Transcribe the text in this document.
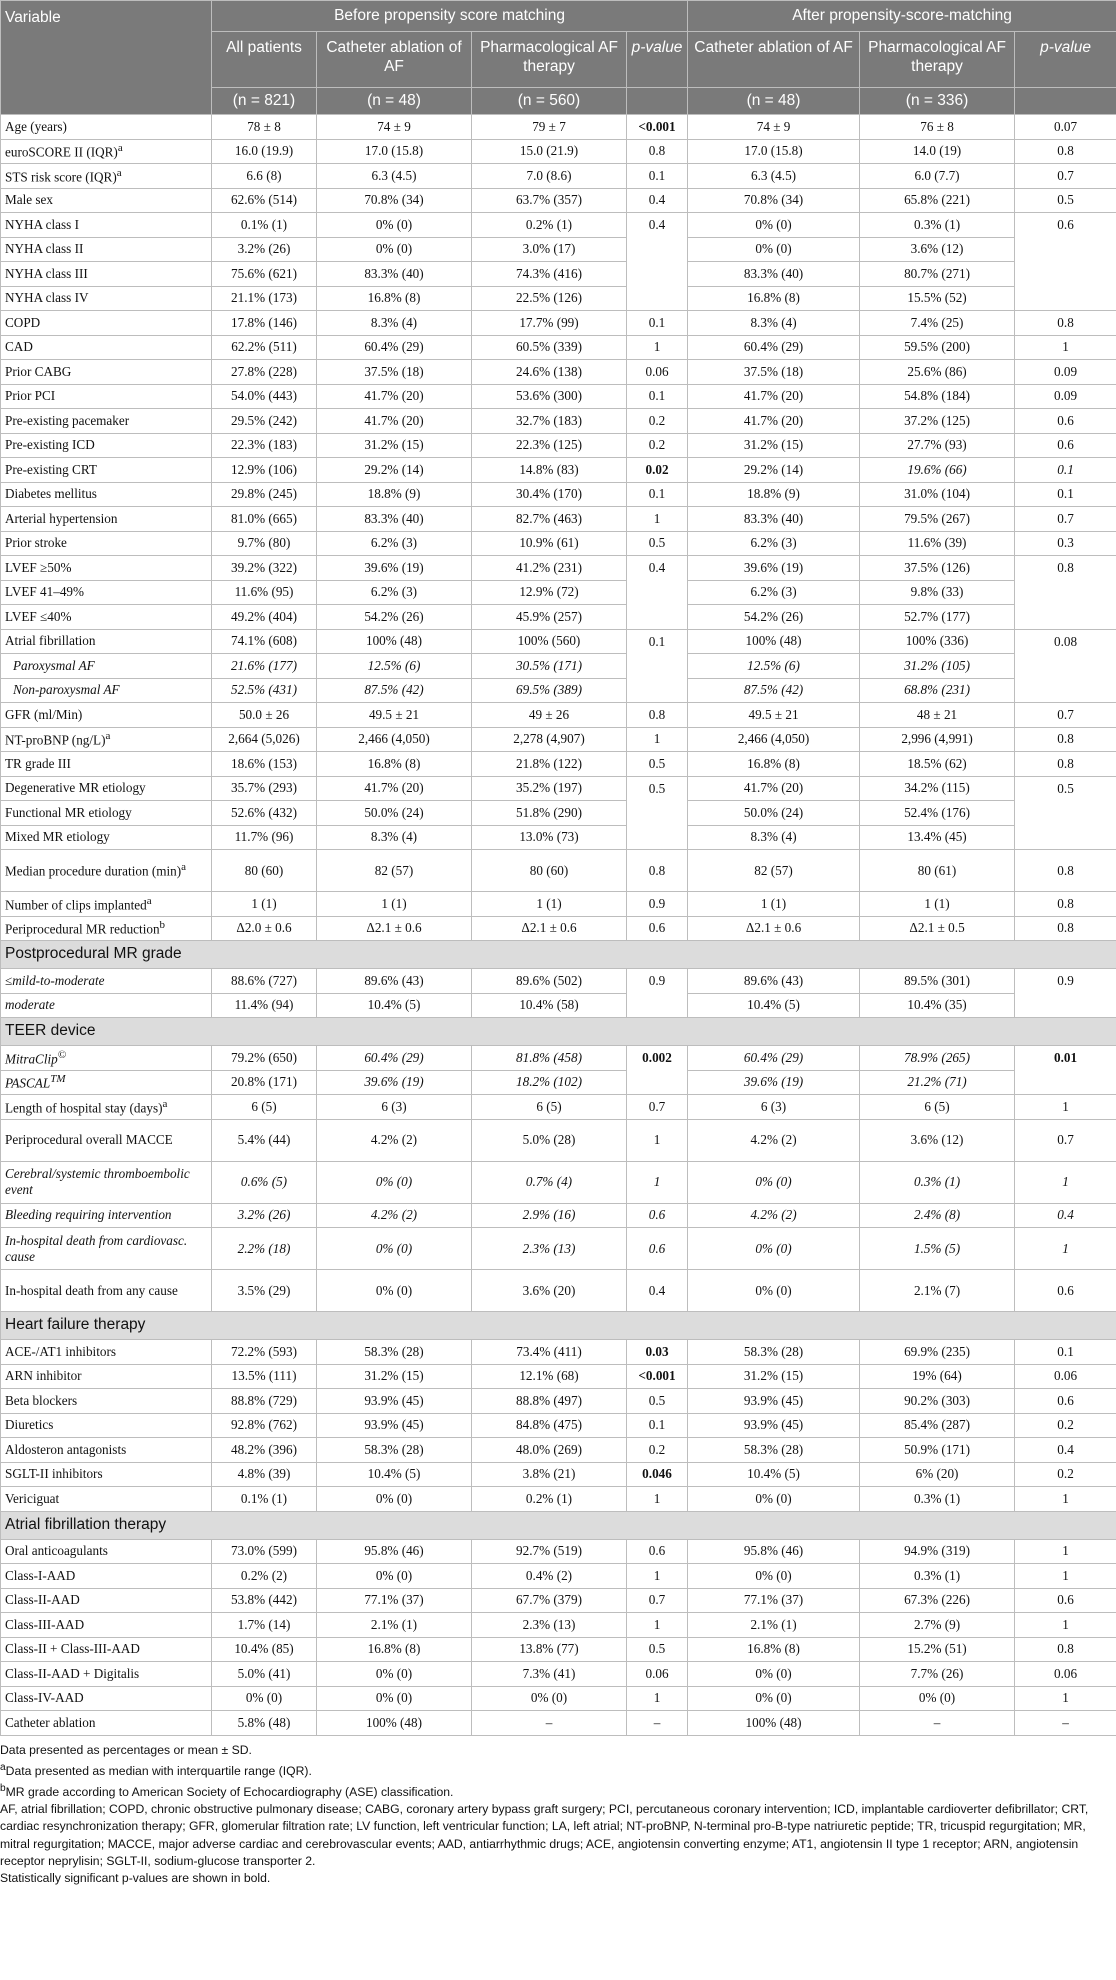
Variable	Before propensity score matching				After propensity-score-matching		
	All patients	Catheter ablation of AF	Pharmacological AF therapy	p-value	Catheter ablation of AF	Pharmacological AF therapy	p-value
	(n = 821)	(n = 48)	(n = 560)		(n = 48)	(n = 336)	
Age (years)	78 ± 8	74 ± 9	79 ± 7	<0.001	74 ± 9	76 ± 8	0.07
euroSCORE II (IQR)$^a$	16.0 (19.9)	17.0 (15.8)	15.0 (21.9)	0.8	17.0 (15.8)	14.0 (19)	0.8
STS risk score (IQR)$^a$	6.6 (8)	6.3 (4.5)	7.0 (8.6)	0.1	6.3 (4.5)	6.0 (7.7)	0.7
Male sex	62.6% (514)	70.8% (34)	63.7% (357)	0.4	70.8% (34)	65.8% (221)	0.5
NYHA class I	0.1% (1)	0% (0)	0.2% (1)	0.4	0% (0)	0.3% (1)	0.6
NYHA class II	3.2% (26)	0% (0)	3.0% (17)		0% (0)	3.6% (12)	
NYHA class III	75.6% (621)	83.3% (40)	74.3% (416)		83.3% (40)	80.7% (271)	
NYHA class IV	21.1% (173)	16.8% (8)	22.5% (126)		16.8% (8)	15.5% (52)	
COPD	17.8% (146)	8.3% (4)	17.7% (99)	0.1	8.3% (4)	7.4% (25)	0.8
CAD	62.2% (511)	60.4% (29)	60.5% (339)	1	60.4% (29)	59.5% (200)	1
Prior CABG	27.8% (228)	37.5% (18)	24.6% (138)	0.06	37.5% (18)	25.6% (86)	0.09
Prior PCI	54.0% (443)	41.7% (20)	53.6% (300)	0.1	41.7% (20)	54.8% (184)	0.09
Pre-existing pacemaker	29.5% (242)	41.7% (20)	32.7% (183)	0.2	41.7% (20)	37.2% (125)	0.6
Pre-existing ICD	22.3% (183)	31.2% (15)	22.3% (125)	0.2	31.2% (15)	27.7% (93)	0.6
Pre-existing CRT	12.9% (106)	29.2% (14)	14.8% (83)	0.02	29.2% (14)	19.6% (66)	0.1
Diabetes mellitus	29.8% (245)	18.8% (9)	30.4% (170)	0.1	18.8% (9)	31.0% (104)	0.1
Arterial hypertension	81.0% (665)	83.3% (40)	82.7% (463)	1	83.3% (40)	79.5% (267)	0.7
Prior stroke	9.7% (80)	6.2% (3)	10.9% (61)	0.5	6.2% (3)	11.6% (39)	0.3
LVEF ≥50%	39.2% (322)	39.6% (19)	41.2% (231)	0.4	39.6% (19)	37.5% (126)	0.8
LVEF 41–49%	11.6% (95)	6.2% (3)	12.9% (72)		6.2% (3)	9.8% (33)	
LVEF ≤40%	49.2% (404)	54.2% (26)	45.9% (257)		54.2% (26)	52.7% (177)	
Atrial fibrillation	74.1% (608)	100% (48)	100% (560)	0.1	100% (48)	100% (336)	0.08
Paroxysmal AF	21.6% (177)	12.5% (6)	30.5% (171)		12.5% (6)	31.2% (105)	
Non-paroxysmal AF	52.5% (431)	87.5% (42)	69.5% (389)		87.5% (42)	68.8% (231)	
GFR (ml/Min)	50.0 ± 26	49.5 ± 21	49 ± 26	0.8	49.5 ± 21	48 ± 21	0.7
NT-proBNP $(ng/L)^a$	2,664 (5,026)	2,466 (4,050)	2,278 (4,907)	1	2,466 (4,050)	2,996 (4,991)	0.8
TR grade III	18.6% (153)	16.8% (8)	21.8% (122)	0.5	16.8% (8)	18.5% (62)	0.8
Degenerative MR etiology	35.7% (293)	41.7% (20)	35.2% (197)	0.5	41.7% (20)	34.2% (115)	0.5
Functional MR etiology	52.6% (432)	50.0% (24)	51.8% (290)		50.0% (24)	52.4% (176)	
Mixed MR etiology	11.7% (96)	8.3% (4)	13.0% (73)		8.3% (4)	13.4% (45)	
Median procedure duration $(\min)^a$	80 (60)	82 (57)	80 (60)	0.8	82 (57)	80 (61)	0.8
Number of clips implanted$^a$	1 (1)	1 (1)	1 (1)	0.9	1 (1)	1 (1)	0.8
Periprocedural MR reduction$^b$	Δ2.0 ± 0.6	Δ2.1 ± 0.6	Δ2.1 ± 0.6	0.6	Δ2.1 ± 0.6	Δ2.1 ± 0.5	0.8
Postprocedural MR grade							
≤mild-to-moderate	88.6% (727)	89.6% (43)	89.6% (502)	0.9	89.6% (43)	89.5% (301)	0.9
moderate	11.4% (94)	10.4% (5)	10.4% (58)		10.4% (5)	10.4% (35)	
TEER device							
MitraClip©	79.2% (650)	60.4% (29)	81.8% (458)	0.002	60.4% (29)	78.9% (265)	0.01
PASCAL™	20.8% (171)	39.6% (19)	18.2% (102)		39.6% (19)	21.2% (71)	
Length of hospital stay (days)$^a$	6 (5)	6 (3)	6 (5)	0.7	6 (3)	6 (5)	1
Periprocedural overall MACCE	5.4% (44)	4.2% (2)	5.0% (28)	1	4.2% (2)	3.6% (12)	0.7
Cerebral/systemic thromboembolic event	0.6% (5)	0% (0)	0.7% (4)	1	0% (0)	0.3% (1)	1
Bleeding requiring intervention	3.2% (26)	4.2% (2)	2.9% (16)	0.6	4.2% (2)	2.4% (8)	0.4
In-hospital death from cardiovasc. cause	2.2% (18)	0% (0)	2.3% (13)	0.6	0% (0)	1.5% (5)	1
In-hospital death from any cause	3.5% (29)	0% (0)	3.6% (20)	0.4	0% (0)	2.1% (7)	0.6
Heart failure therapy							
ACE-/AT1 inhibitors	72.2% (593)	58.3% (28)	73.4% (411)	0.03	58.3% (28)	69.9% (235)	0.1
ARN inhibitor	13.5% (111)	31.2% (15)	12.1% (68)	<0.001	31.2% (15)	19% (64)	0.06
Beta blockers	88.8% (729)	93.9% (45)	88.8% (497)	0.5	93.9% (45)	90.2% (303)	0.6
Diuretics	92.8% (762)	93.9% (45)	84.8% (475)	0.1	93.9% (45)	85.4% (287)	0.2
Aldosteron antagonists	48.2% (396)	58.3% (28)	48.0% (269)	0.2	58.3% (28)	50.9% (171)	0.4
SGLT-II inhibitors	4.8% (39)	10.4% (5)	3.8% (21)	0.046	10.4% (5)	6% (20)	0.2
Vericiguat	0.1% (1)	0% (0)	0.2% (1)	1	0% (0)	0.3% (1)	1
Atrial fibrillation therapy							
Oral anticoagulants	73.0% (599)	95.8% (46)	92.7% (519)	0.6	95.8% (46)	94.9% (319)	1
Class-I-AAD	0.2% (2)	0% (0)	0.4% (2)	1	0% (0)	0.3% (1)	1
Class-II-AAD	53.8% (442)	77.1% (37)	67.7% (379)	0.7	77.1% (37)	67.3% (226)	0.6
Class-III-AAD	1.7% (14)	2.1% (1)	2.3% (13)	1	2.1% (1)	2.7% (9)	1
Class-II + Class-III-AAD	10.4% (85)	16.8% (8)	13.8% (77)	0.5	16.8% (8)	15.2% (51)	0.8
Class-II-AAD + Digitalis	5.0% (41)	0% (0)	7.3% (41)	0.06	0% (0)	7.7% (26)	0.06
Class-IV-AAD	0% (0)	0% (0)	0% (0)	1	0% (0)	0% (0)	1
Catheter ablation	5.8% (48)	100% (48)	–	–	100% (48)	–	–
Data presented as percentages or mean ± SD.
$^a$Data presented as median with interquartile range (IQR).
$^b$MR grade according to American Society of Echocardiography (ASE) classification.
AF, atrial fibrillation; COPD, chronic obstructive pulmonary disease; CABG, coronary artery bypass graft surgery; PCI, percutaneous coronary intervention; ICD, implantable cardioverter defibrillator; CRT, cardiac resynchronization therapy; GFR, glomerular filtration rate; LV function, left ventricular function; LA, left atrial; NT-proBNP, N-terminal pro-B-type natriuretic peptide; TR, tricuspid regurgitation; MR, mitral regurgitation; MACCE, major adverse cardiac and cerebrovascular events; AAD, antiarrhythmic drugs; ACE, angiotensin converting enzyme; AT1, angiotensin II type 1 receptor; ARN, angiotensin receptor neprylisin; SGLT-II, sodium-glucose transporter 2.
Statistically significant p-values are shown in bold.
